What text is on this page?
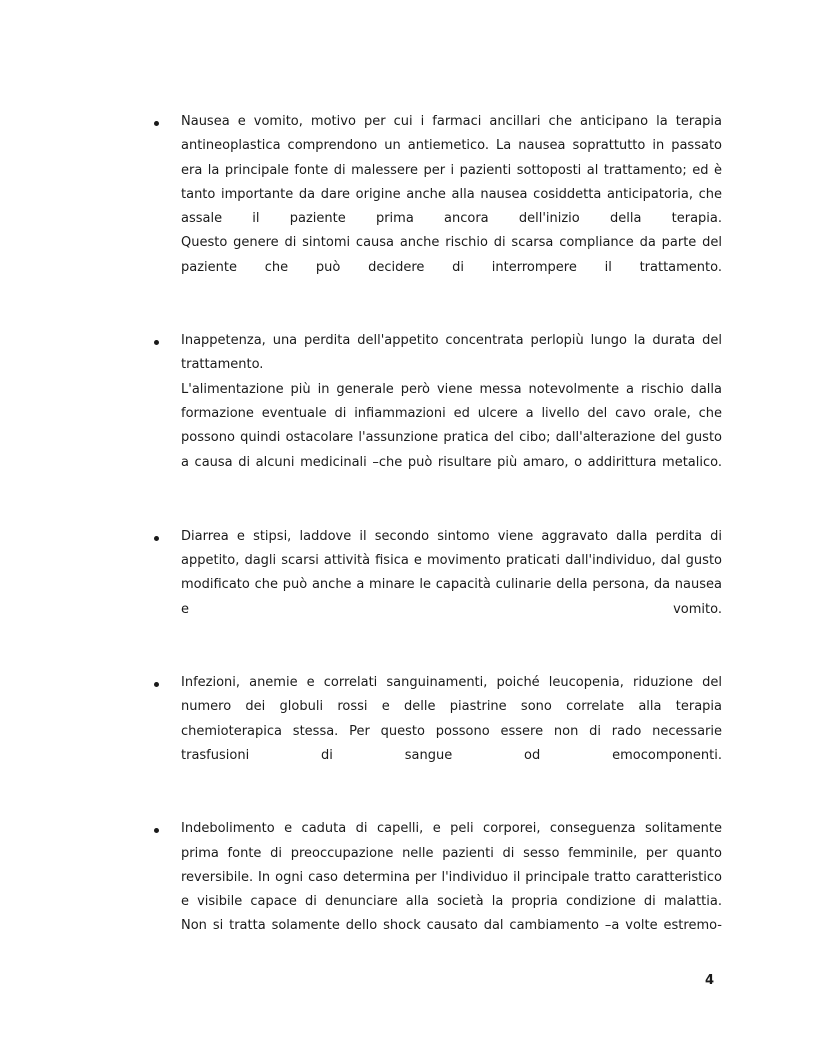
Nausea e vomito, motivo per cui i farmaci ancillari che anticipano la terapia
antineoplastica comprendono un antiemetico. La nausea soprattutto in passato
era la principale fonte di malessere per i pazienti sottoposti al trattamento; ed è
tanto importante da dare origine anche alla nausea cosiddetta anticipatoria, che
assale il paziente prima ancora dell'inizio della terapia.
Questo genere di sintomi causa anche rischio di scarsa compliance da parte del
paziente che può decidere di interrompere il trattamento.
Inappetenza, una perdita dell'appetito concentrata perlopiù lungo la durata del
trattamento.
L'alimentazione più in generale però viene messa notevolmente a rischio dalla
formazione eventuale di infiammazioni ed ulcere a livello del cavo orale, che
possono quindi ostacolare l'assunzione pratica del cibo; dall'alterazione del gusto
a causa di alcuni medicinali –che può risultare più amaro, o addirittura metalico.
Diarrea e stipsi, laddove il secondo sintomo viene aggravato dalla perdita di
appetito, dagli scarsi attività fisica e movimento praticati dall'individuo, dal gusto
modificato che può anche a minare le capacità culinarie della persona, da nausea
e vomito.
Infezioni, anemie e correlati sanguinamenti, poiché leucopenia, riduzione del
numero dei globuli rossi e delle piastrine sono correlate alla terapia
chemioterapica stessa. Per questo possono essere non di rado necessarie
trasfusioni di sangue od emocomponenti.
Indebolimento e caduta di capelli, e peli corporei, conseguenza solitamente
prima fonte di preoccupazione nelle pazienti di sesso femminile, per quanto
reversibile. In ogni caso determina per l'individuo il principale tratto caratteristico
e visibile capace di denunciare alla società la propria condizione di malattia.
Non si tratta solamente dello shock causato dal cambiamento –a volte estremo-
4
